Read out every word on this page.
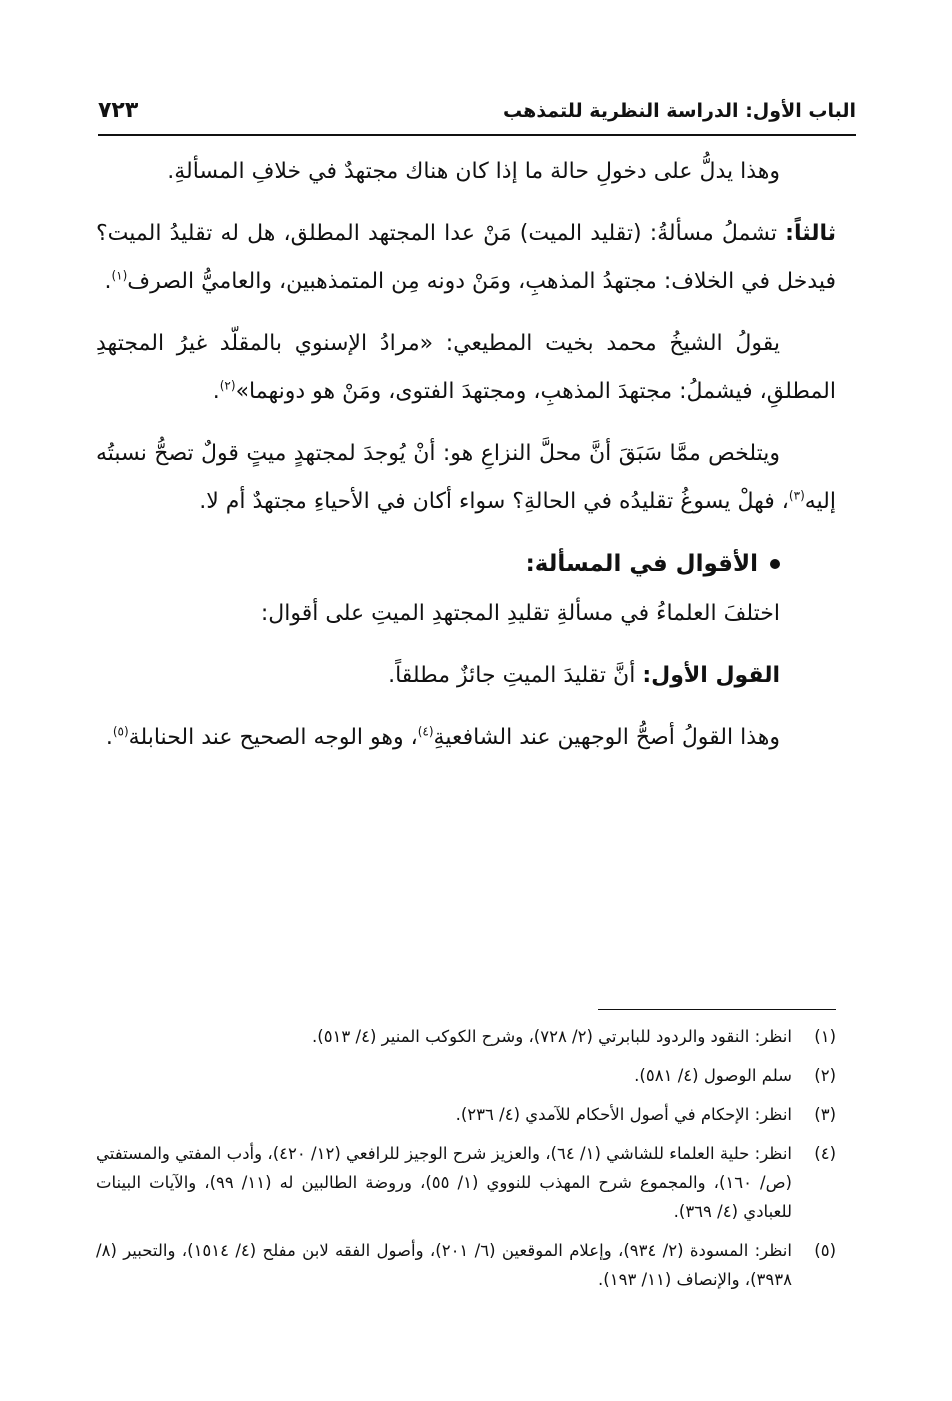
الباب الأول: الدراسة النظرية للتمذهب
٧٢٣

وهذا يدلُّ على دخولِ حالة ما إذا كان هناك مجتهدٌ في خلافِ المسألةِ.

ثالثاً: تشملُ مسألةُ: (تقليد الميت) مَنْ عدا المجتهد المطلق، هل له تقليدُ الميت؟ فيدخل في الخلاف: مجتهدُ المذهبِ، ومَنْ دونه مِن المتمذهبين، والعاميُّ الصرف$^{(١)}$.

يقولُ الشيخُ محمد بخيت المطيعي: «مرادُ الإسنوي بالمقلّد غيرُ المجتهدِ المطلقِ، فيشملُ: مجتهدَ المذهبِ، ومجتهدَ الفتوى، ومَنْ هو دونهما»$^{(٢)}$.

ويتلخص ممَّا سَبَقَ أنَّ محلَّ النزاعِ هو: أنْ يُوجدَ لمجتهدٍ ميتٍ قولٌ تصحُّ نسبتُه إليه$^{(٣)}$، فهلْ يسوغُ تقليدُه في الحالةِ؟ سواء أكان في الأحياءِ مجتهدٌ أم لا.

الأقوال في المسألة:

اختلفَ العلماءُ في مسألةِ تقليدِ المجتهدِ الميتِ على أقوال:

القول الأول: أنَّ تقليدَ الميتِ جائزٌ مطلقاً.

وهذا القولُ أصحُّ الوجهين عند الشافعيةِ$^{(٤)}$، وهو الوجه الصحيح عند الحنابلة$^{(٥)}$.

(١)
انظر: النقود والردود للبابرتي (٢/ ٧٢٨)، وشرح الكوكب المنير (٤/ ٥١٣).
(٢)
سلم الوصول (٤/ ٥٨١).
(٣)
انظر: الإحكام في أصول الأحكام للآمدي (٤/ ٢٣٦).
(٤)
انظر: حلية العلماء للشاشي (١/ ٦٤)، والعزيز شرح الوجيز للرافعي (١٢/ ٤٢٠)، وأدب المفتي والمستفتي (ص/ ١٦٠)، والمجموع شرح المهذب للنووي (١/ ٥٥)، وروضة الطالبين له (١١/ ٩٩)، والآيات البينات للعبادي (٤/ ٣٦٩).
(٥)
انظر: المسودة (٢/ ٩٣٤)، وإعلام الموقعين (٦/ ٢٠١)، وأصول الفقه لابن مفلح (٤/ ١٥١٤)، والتحبير (٨/ ٣٩٣٨)، والإنصاف (١١/ ١٩٣).
